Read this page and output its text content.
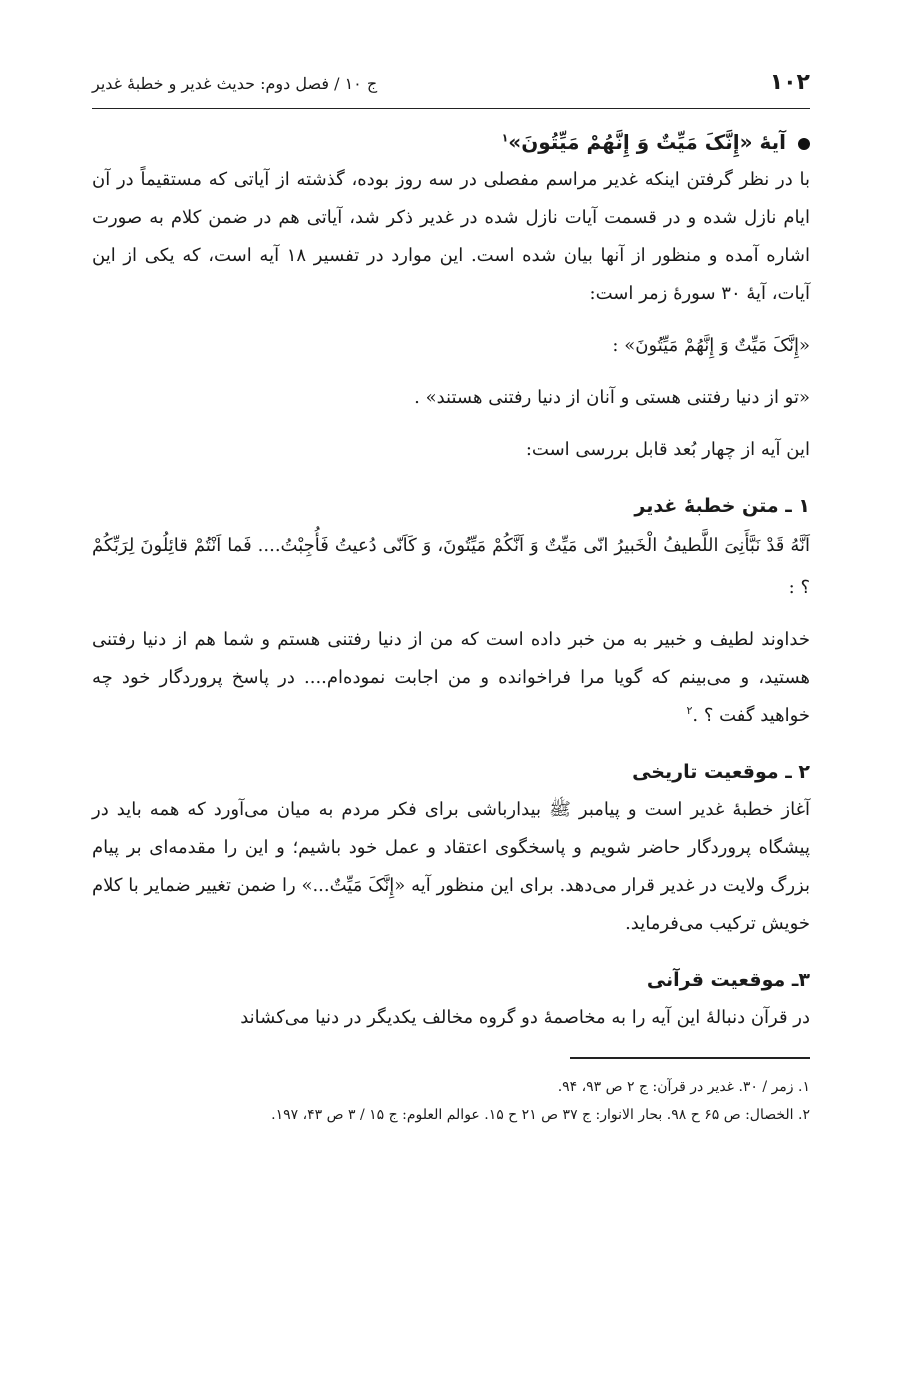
۱۰۲
ج ۱۰ / فصل دوم: حدیث غدیر و خطبهٔ غدیر
آیهٔ «إِنَّکَ مَیِّتٌ وَ إِنَّهُمْ مَیِّتُونَ»$^۱$

با در نظر گرفتن اینکه غدیر مراسم مفصلی در سه روز بوده، گذشته از آیاتی که مستقیماً در آن ایام نازل شده و در قسمت آیات نازل شده در غدیر ذکر شد، آیاتی هم در ضمن کلام به صورت اشاره آمده و منظور از آنها بیان شده است. این موارد در تفسیر ۱۸ آیه است، که یکی از این آیات، آیهٔ ۳۰ سورهٔ زمر است:

«إِنَّکَ مَیِّتٌ وَ إِنَّهُمْ مَیِّتُونَ» :

«تو از دنیا رفتنی هستی و آنان از دنیا رفتنی هستند» .

این آیه از چهار بُعد قابل بررسی است:

۱ ـ متن خطبهٔ غدیر

اَنَّهُ قَدْ نَبَّأَنِیَ اللَّطیفُ الْخَبیرُ انّی مَیِّتٌ وَ اَنَّکُمْ مَیِّتُونَ، وَ کَاَنّی دُعیتُ فَأُجِبْتُ.... فَما اَنْتُمْ قائِلُونَ لِرَبِّکُمْ ؟ :

خداوند لطیف و خبیر به من خبر داده است که من از دنیا رفتنی هستم و شما هم از دنیا رفتنی هستید، و می‌بینم که گویا مرا فراخوانده و من اجابت نموده‌ام.... در پاسخ پروردگار خود چه خواهید گفت ؟ .$^۲$

۲ ـ موقعیت تاریخی

آغاز خطبهٔ غدیر است و پیامبر ﷺ بیدارباشی برای فکر مردم به میان می‌آورد که همه باید در پیشگاه پروردگار حاضر شویم و پاسخگوی اعتقاد و عمل خود باشیم؛ و این را مقدمه‌ای بر پیام بزرگ ولایت در غدیر قرار می‌دهد. برای این منظور آیه «إِنَّکَ مَیِّتٌ...» را ضمن تغییر ضمایر با کلام خویش ترکیب می‌فرماید.

۳ـ موقعیت قرآنی

در قرآن دنبالهٔ این آیه را به مخاصمهٔ دو گروه مخالف یکدیگر در دنیا می‌کشاند

۱. زمر / ۳۰. غدیر در قرآن: ج ۲ ص ۹۳، ۹۴.

۲. الخصال: ص ۶۵ ح ۹۸. بحار الانوار: ج ۳۷ ص ۲۱ ح ۱۵. عوالم العلوم: ج ۱۵ / ۳ ص ۴۳، ۱۹۷.
